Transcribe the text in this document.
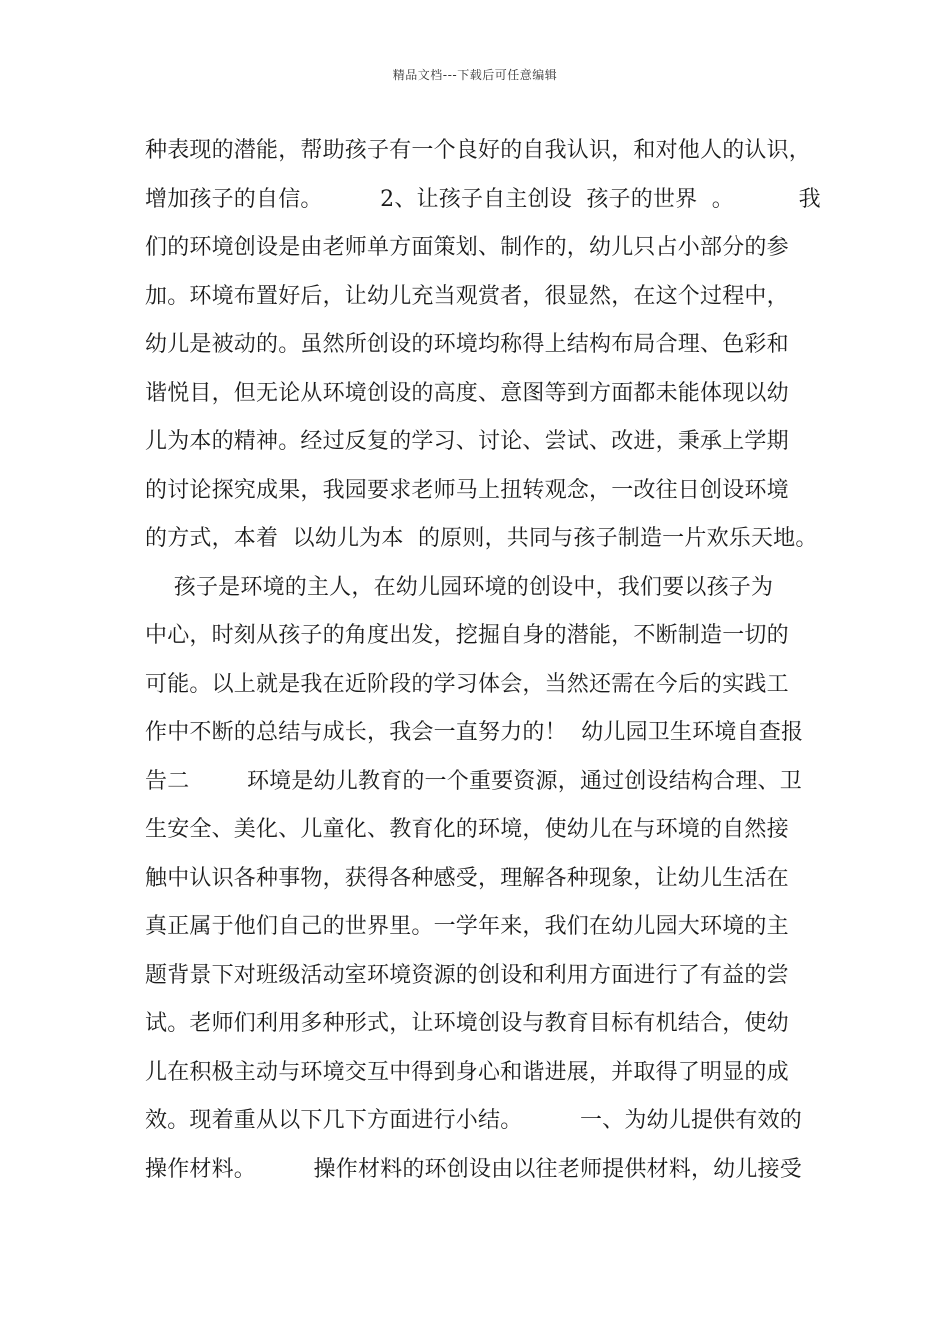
精品文档---下载后可任意编辑
种表现的潜能，帮助孩子有一个良好的自我认识，和对他人的认识，
增加孩子的自信。        2、让孩子自主创设  孩子的世界  。         我
们的环境创设是由老师单方面策划、制作的，幼儿只占小部分的参
加。环境布置好后，让幼儿充当观赏者，很显然，在这个过程中，
幼儿是被动的。虽然所创设的环境均称得上结构布局合理、色彩和
谐悦目，但无论从环境创设的高度、意图等到方面都未能体现以幼
儿为本的精神。经过反复的学习、讨论、尝试、改进，秉承上学期
的讨论探究成果，我园要求老师马上扭转观念，一改往日创设环境
的方式，本着  以幼儿为本  的原则，共同与孩子制造一片欢乐天地。
孩子是环境的主人，在幼儿园环境的创设中，我们要以孩子为
中心，时刻从孩子的角度出发，挖掘自身的潜能，不断制造一切的
可能。以上就是我在近阶段的学习体会，当然还需在今后的实践工
作中不断的总结与成长，我会一直努力的！  幼儿园卫生环境自查报
告二        环境是幼儿教育的一个重要资源，通过创设结构合理、卫
生安全、美化、儿童化、教育化的环境，使幼儿在与环境的自然接
触中认识各种事物，获得各种感受，理解各种现象，让幼儿生活在
真正属于他们自己的世界里。一学年来，我们在幼儿园大环境的主
题背景下对班级活动室环境资源的创设和利用方面进行了有益的尝
试。老师们利用多种形式，让环境创设与教育目标有机结合，使幼
儿在积极主动与环境交互中得到身心和谐进展，并取得了明显的成
效。现着重从以下几下方面进行小结。        一、为幼儿提供有效的
操作材料。        操作材料的环创设由以往老师提供材料，幼儿接受
